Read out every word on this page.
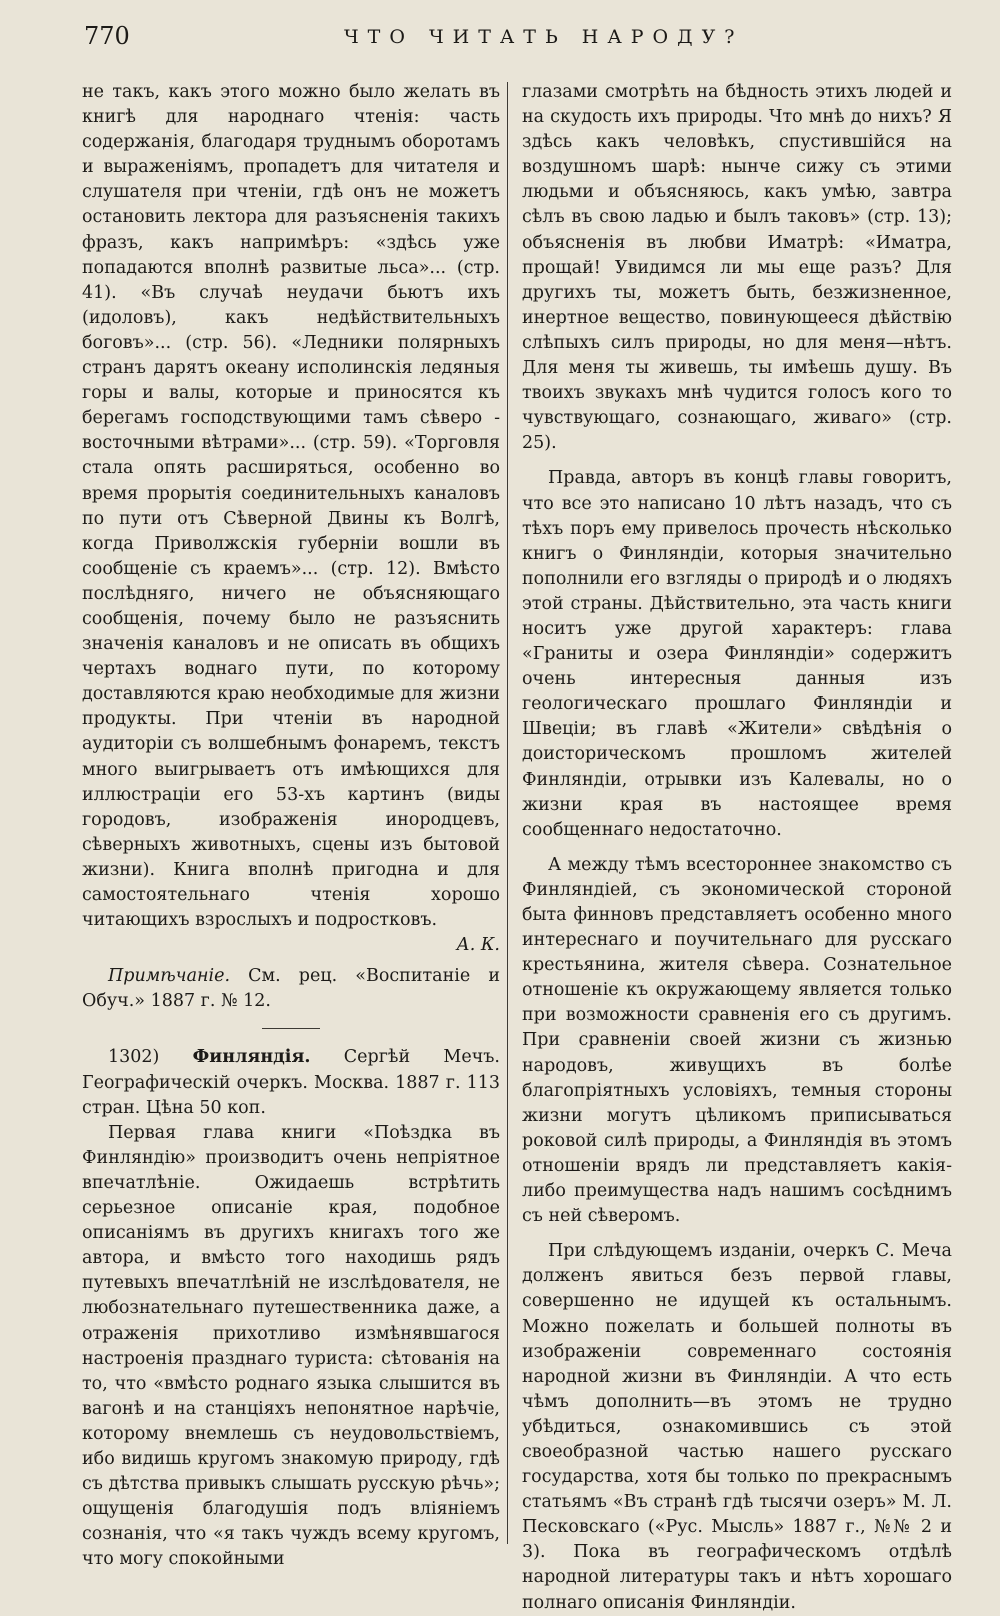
770	ЧТО ЧИТАТЬ НАРОДУ?

не такъ, какъ этого можно было желать въ книгѣ для народнаго чтенія: часть содержанія, благодаря труднымъ оборотамъ и выраженіямъ, пропадетъ для читателя и слушателя при чтеніи, гдѣ онъ не можетъ остановить лектора для разъясненія такихъ фразъ, какъ напримѣръ: «здѣсь уже попадаются вполнѣ развитые льса»... (стр. 41). «Въ случаѣ неудачи бьютъ ихъ (идоловъ), какъ недѣйствительныхъ боговъ»... (стр. 56). «Ледники полярныхъ странъ дарятъ океану исполинскія ледяныя горы и валы, которые и приносятся къ берегамъ господствующими тамъ сѣверо - восточными вѣтрами»... (стр. 59). «Торговля стала опять расширяться, особенно во время прорытія соединительныхъ каналовъ по пути отъ Сѣверной Двины къ Волгѣ, когда Приволжскія губерніи вошли въ сообщеніе съ краемъ»... (стр. 12). Вмѣсто послѣдняго, ничего не объясняющаго сообщенія, почему было не разъяснить значенія каналовъ и не описать въ общихъ чертахъ воднаго пути, по которому доставляются краю необходимые для жизни продукты. При чтеніи въ народной аудиторіи съ волшебнымъ фонаремъ, текстъ много выигрываетъ отъ имѣющихся для иллюстраціи его 53-хъ картинъ (виды городовъ, изображенія инородцевъ, сѣверныхъ животныхъ, сцены изъ бытовой жизни). Книга вполнѣ пригодна и для самостоятельнаго чтенія хорошо читающихъ взрослыхъ и подростковъ.

А. К.

Примѣчаніе. См. рец. «Воспитаніе и Обуч.» 1887 г. № 12.

1302) Финляндія. Сергѣй Мечъ. Географическій очеркъ. Москва. 1887 г. 113 стран. Цѣна 50 коп.

Первая глава книги «Поѣздка въ Финляндію» производитъ очень непріятное впечатлѣніе. Ожидаешь встрѣтить серьезное описаніе края, подобное описаніямъ въ другихъ книгахъ того же автора, и вмѣсто того находишь рядъ путевыхъ впечатлѣній не изслѣдователя, не любознательнаго путешественника даже, а отраженія прихотливо измѣнявшагося настроенія празднаго туриста: сѣтованія на то, что «вмѣсто роднаго языка слышится въ вагонѣ и на станціяхъ непонятное нарѣчіе, которому внемлешь съ неудовольствіемъ, ибо видишь кругомъ знакомую природу, гдѣ съ дѣтства привыкъ слышать русскую рѣчь»; ощущенія благодушія подъ вліяніемъ сознанія, что «я такъ чуждъ всему кругомъ, что могу спокойными

глазами смотрѣть на бѣдность этихъ людей и на скудость ихъ природы. Что мнѣ до нихъ? Я здѣсь какъ человѣкъ, спустившійся на воздушномъ шарѣ: нынче сижу съ этими людьми и объясняюсь, какъ умѣю, завтра сѣлъ въ свою ладью и былъ таковъ» (стр. 13); объясненія въ любви Иматрѣ: «Иматра, прощай! Увидимся ли мы еще разъ? Для другихъ ты, можетъ быть, безжизненное, инертное вещество, повинующееся дѣйствію слѣпыхъ силъ природы, но для меня—нѣтъ. Для меня ты живешь, ты имѣешь душу. Въ твоихъ звукахъ мнѣ чудится голосъ кого то чувствующаго, сознающаго, живаго» (стр. 25).

Правда, авторъ въ концѣ главы говоритъ, что все это написано 10 лѣтъ назадъ, что съ тѣхъ поръ ему привелось прочесть нѣсколько книгъ о Финляндіи, которыя значительно пополнили его взгляды о природѣ и о людяхъ этой страны. Дѣйствительно, эта часть книги носитъ уже другой характеръ: глава «Граниты и озера Финляндіи» содержитъ очень интересныя данныя изъ геологическаго прошлаго Финляндіи и Швеціи; въ главѣ «Жители» свѣдѣнія о доисторическомъ прошломъ жителей Финляндіи, отрывки изъ Калевалы, но о жизни края въ настоящее время сообщеннаго недостаточно.

А между тѣмъ всестороннее знакомство съ Финляндіей, съ экономической стороной быта финновъ представляетъ особенно много интереснаго и поучительнаго для русскаго крестьянина, жителя сѣвера. Сознательное отношеніе къ окружающему является только при возможности сравненія его съ другимъ. При сравненіи своей жизни съ жизнью народовъ, живущихъ въ болѣе благопріятныхъ условіяхъ, темныя стороны жизни могутъ цѣликомъ приписываться роковой силѣ природы, а Финляндія въ этомъ отношеніи врядъ ли представляетъ какія-либо преимущества надъ нашимъ сосѣднимъ съ ней сѣверомъ.

При слѣдующемъ изданіи, очеркъ С. Меча долженъ явиться безъ первой главы, совершенно не идущей къ остальнымъ. Можно пожелать и большей полноты въ изображеніи современнаго состоянія народной жизни въ Финляндіи. А что есть чѣмъ дополнить—въ этомъ не трудно убѣдиться, ознакомившись съ этой своеобразной частью нашего русскаго государства, хотя бы только по прекраснымъ статьямъ «Въ странѣ гдѣ тысячи озеръ» М. Л. Песковскаго («Рус. Мысль» 1887 г., №№ 2 и 3). Пока въ географическомъ отдѣлѣ народной литературы такъ и нѣтъ хорошаго полнаго описанія Финляндіи.
